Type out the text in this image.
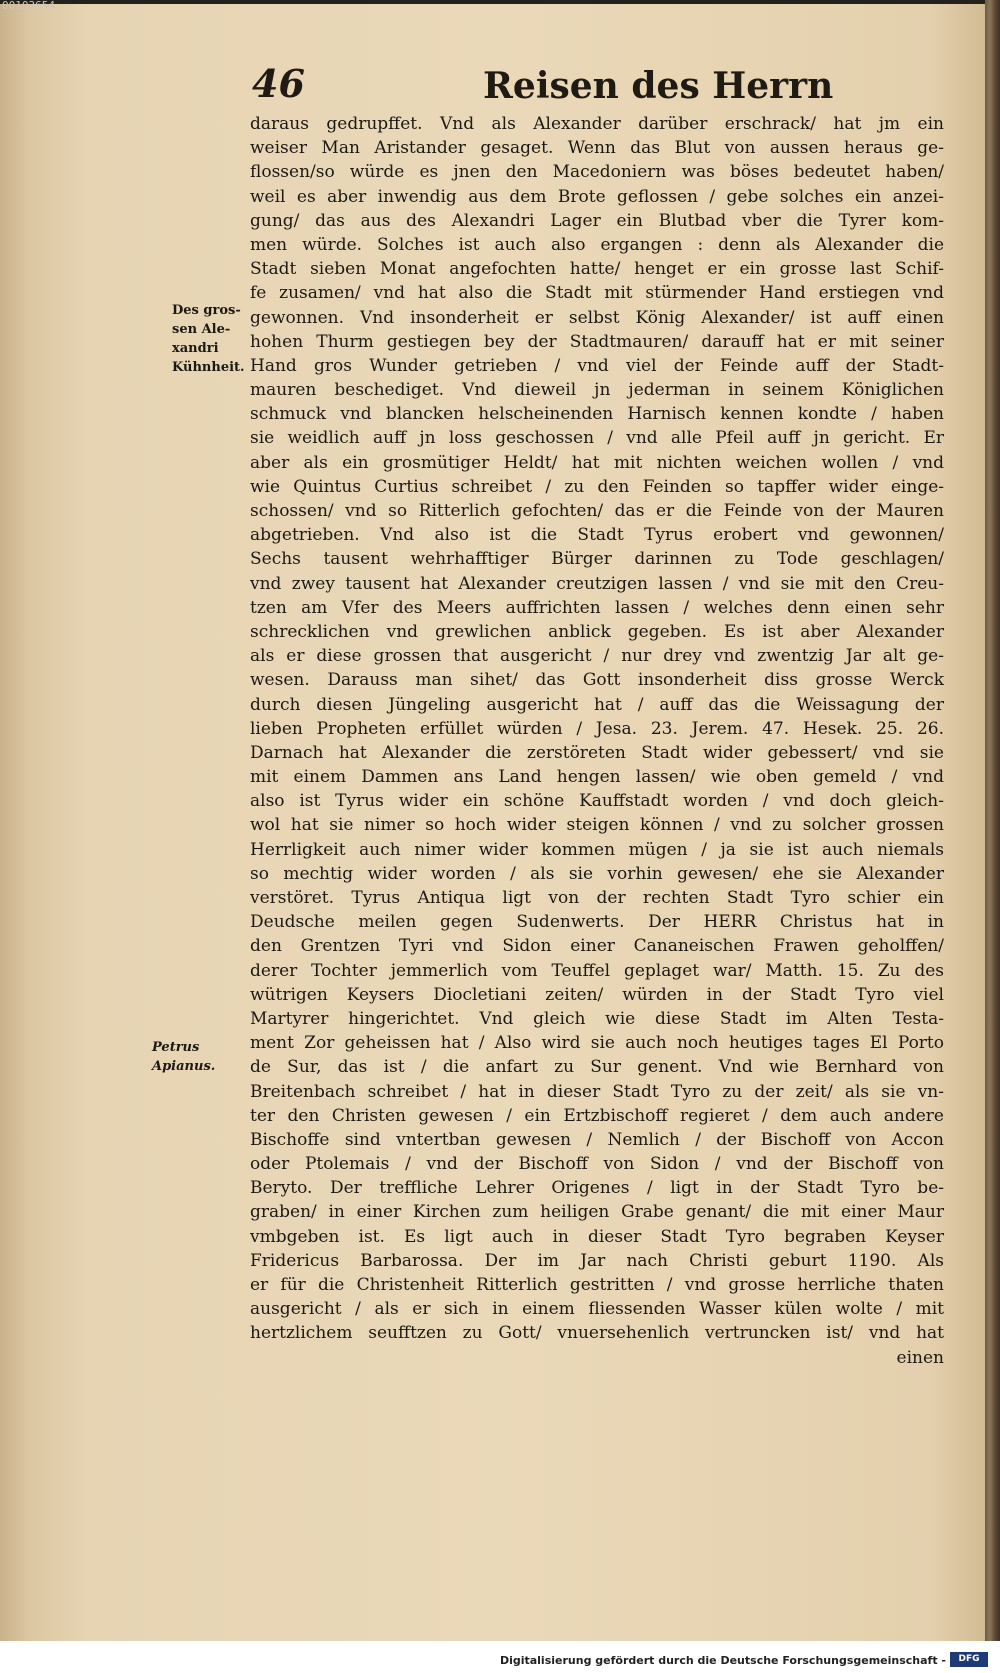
46	Reisen des Herrn
Des gros-
sen Ale-
xandri
Kühnheit.
Petrus
Apianus.
daraus gedrupffet. Vnd als Alexander darüber erschrack/ hat jm ein
weiser Man Aristander gesaget. Wenn das Blut von aussen heraus ge-
flossen/so würde es jnen den Macedoniern was böses bedeutet haben/
weil es aber inwendig aus dem Brote geflossen / gebe solches ein anzei-
gung/ das aus des Alexandri Lager ein Blutbad vber die Tyrer kom-
men würde. Solches ist auch also ergangen : denn als Alexander die
Stadt sieben Monat angefochten hatte/ henget er ein grosse last Schif-
fe zusamen/ vnd hat also die Stadt mit stürmender Hand erstiegen vnd
gewonnen. Vnd insonderheit er selbst König Alexander/ ist auff einen
hohen Thurm gestiegen bey der Stadtmauren/ darauff hat er mit seiner
Hand gros Wunder getrieben / vnd viel der Feinde auff der Stadt-
mauren beschediget. Vnd dieweil jn jederman in seinem Königlichen
schmuck vnd blancken helscheinenden Harnisch kennen kondte / haben
sie weidlich auff jn loss geschossen / vnd alle Pfeil auff jn gericht. Er
aber als ein grosmütiger Heldt/ hat mit nichten weichen wollen / vnd
wie Quintus Curtius schreibet / zu den Feinden so tapffer wider einge-
schossen/ vnd so Ritterlich gefochten/ das er die Feinde von der Mauren
abgetrieben. Vnd also ist die Stadt Tyrus erobert vnd gewonnen/
Sechs tausent wehrhafftiger Bürger darinnen zu Tode geschlagen/
vnd zwey tausent hat Alexander creutzigen lassen / vnd sie mit den Creu-
tzen am Vfer des Meers auffrichten lassen / welches denn einen sehr
schrecklichen vnd grewlichen anblick gegeben. Es ist aber Alexander
als er diese grossen that ausgericht / nur drey vnd zwentzig Jar alt ge-
wesen. Darauss man sihet/ das Gott insonderheit diss grosse Werck
durch diesen Jüngeling ausgericht hat / auff das die Weissagung der
lieben Propheten erfüllet würden / Jesa. 23. Jerem. 47. Hesek. 25. 26.
Darnach hat Alexander die zerstöreten Stadt wider gebessert/ vnd sie
mit einem Dammen ans Land hengen lassen/ wie oben gemeld / vnd
also ist Tyrus wider ein schöne Kauffstadt worden / vnd doch gleich-
wol hat sie nimer so hoch wider steigen können / vnd zu solcher grossen
Herrligkeit auch nimer wider kommen mügen / ja sie ist auch niemals
so mechtig wider worden / als sie vorhin gewesen/ ehe sie Alexander
verstöret. Tyrus Antiqua ligt von der rechten Stadt Tyro schier ein
Deudsche meilen gegen Sudenwerts. Der HERR Christus hat in
den Grentzen Tyri vnd Sidon einer Cananeischen Frawen geholffen/
derer Tochter jemmerlich vom Teuffel geplaget war/ Matth. 15. Zu des
wütrigen Keysers Diocletiani zeiten/ würden in der Stadt Tyro viel
Martyrer hingerichtet. Vnd gleich wie diese Stadt im Alten Testa-
ment Zor geheissen hat / Also wird sie auch noch heutiges tages El Porto
de Sur, das ist / die anfart zu Sur genent. Vnd wie Bernhard von
Breitenbach schreibet / hat in dieser Stadt Tyro zu der zeit/ als sie vn-
ter den Christen gewesen / ein Ertzbischoff regieret / dem auch andere
Bischoffe sind vntertban gewesen / Nemlich / der Bischoff von Accon
oder Ptolemais / vnd der Bischoff von Sidon / vnd der Bischoff von
Beryto. Der treffliche Lehrer Origenes / ligt in der Stadt Tyro be-
graben/ in einer Kirchen zum heiligen Grabe genant/ die mit einer Maur
vmbgeben ist. Es ligt auch in dieser Stadt Tyro begraben Keyser
Fridericus Barbarossa. Der im Jar nach Christi geburt 1190. Als
er für die Christenheit Ritterlich gestritten / vnd grosse herrliche thaten
ausgericht / als er sich in einem fliessenden Wasser külen wolte / mit
hertzlichem seufftzen zu Gott/ vnuersehenlich vertruncken ist/ vnd hat
einen
00103654
Digitalisierung gefördert durch die Deutsche Forschungsgemeinschaft -	DFG
